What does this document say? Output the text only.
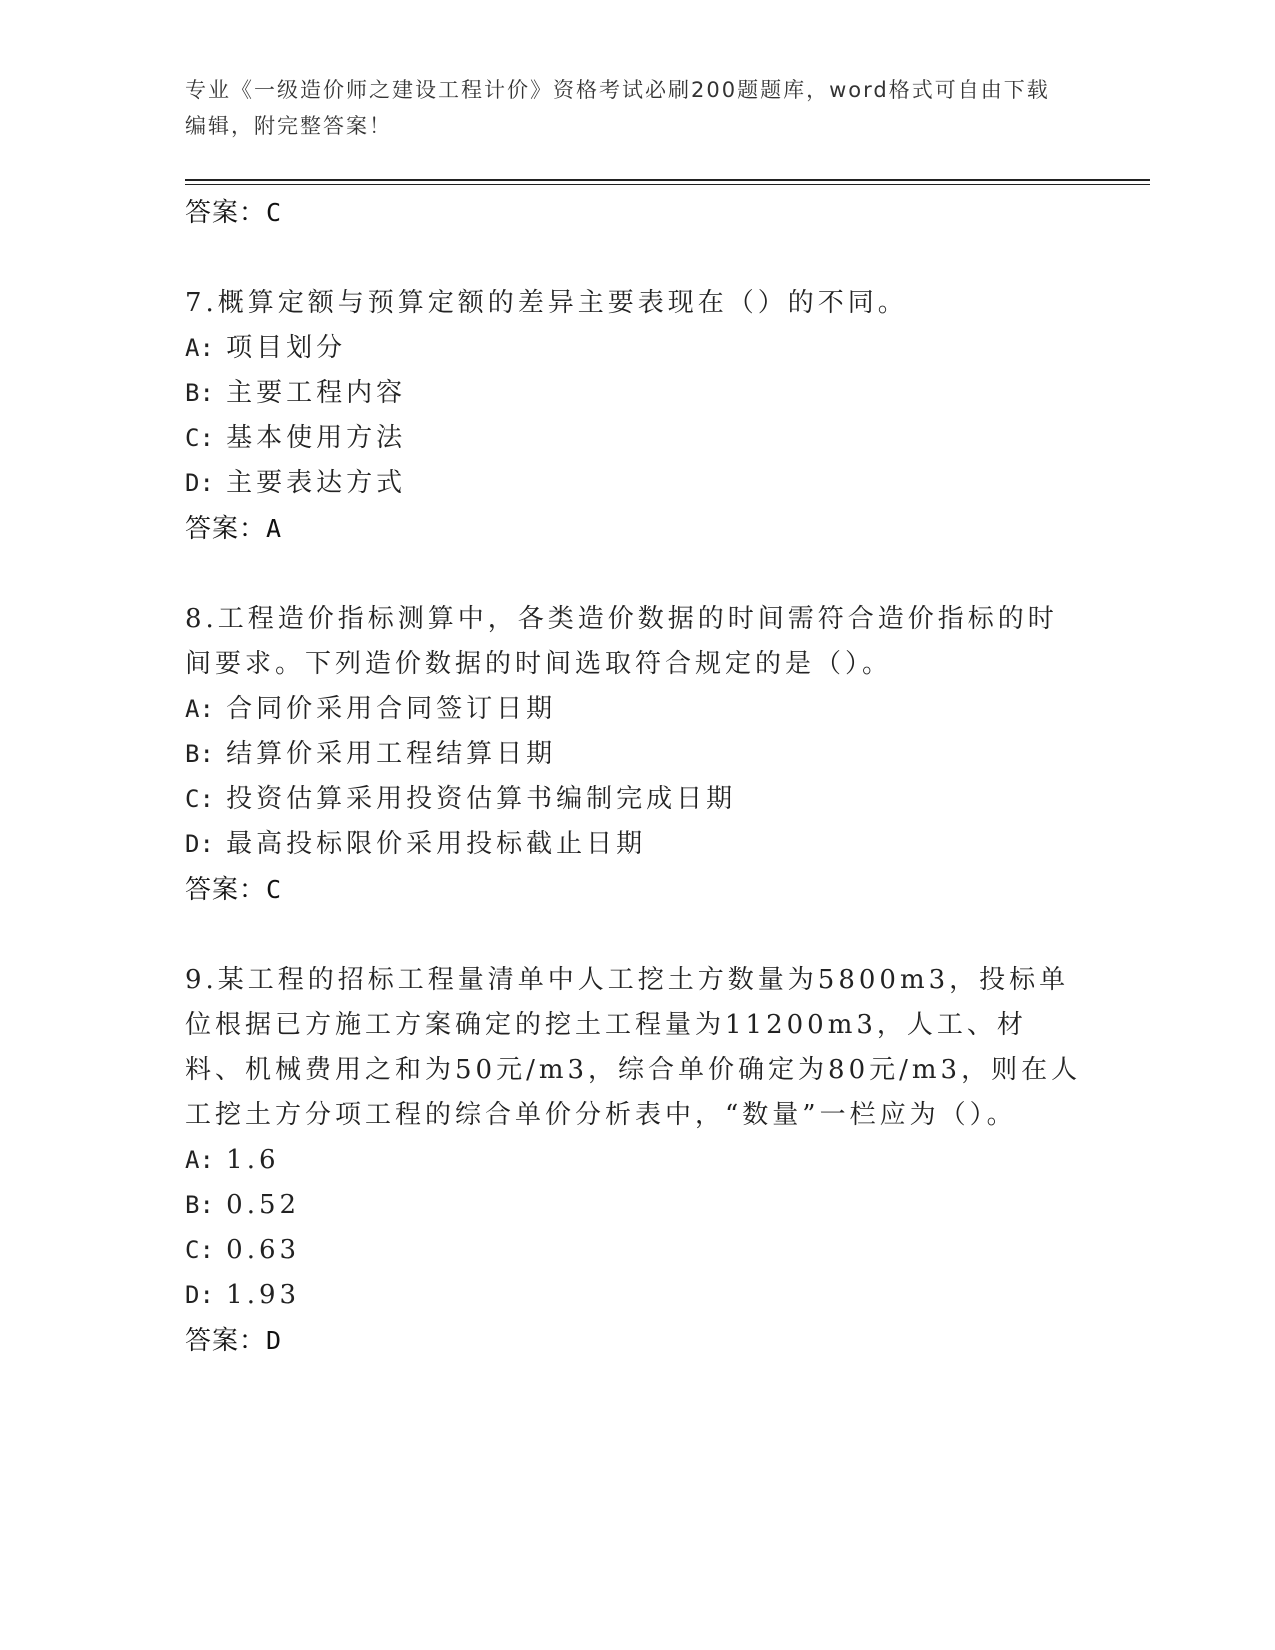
专业《一级造价师之建设工程计价》资格考试必刷200题题库，word格式可自由下载编辑，附完整答案！
答案：C
7.概算定额与预算定额的差异主要表现在（）的不同。
A: 项目划分
B: 主要工程内容
C: 基本使用方法
D: 主要表达方式
答案：A
8.工程造价指标测算中，各类造价数据的时间需符合造价指标的时间要求。下列造价数据的时间选取符合规定的是（）。
A: 合同价采用合同签订日期
B: 结算价采用工程结算日期
C: 投资估算采用投资估算书编制完成日期
D: 最高投标限价采用投标截止日期
答案：C
9.某工程的招标工程量清单中人工挖土方数量为5800m3，投标单位根据已方施工方案确定的挖土工程量为11200m3，人工、材料、机械费用之和为50元/m3，综合单价确定为80元/m3，则在人工挖土方分项工程的综合单价分析表中，“数量”一栏应为（）。
A: 1.6
B: 0.52
C: 0.63
D: 1.93
答案：D
